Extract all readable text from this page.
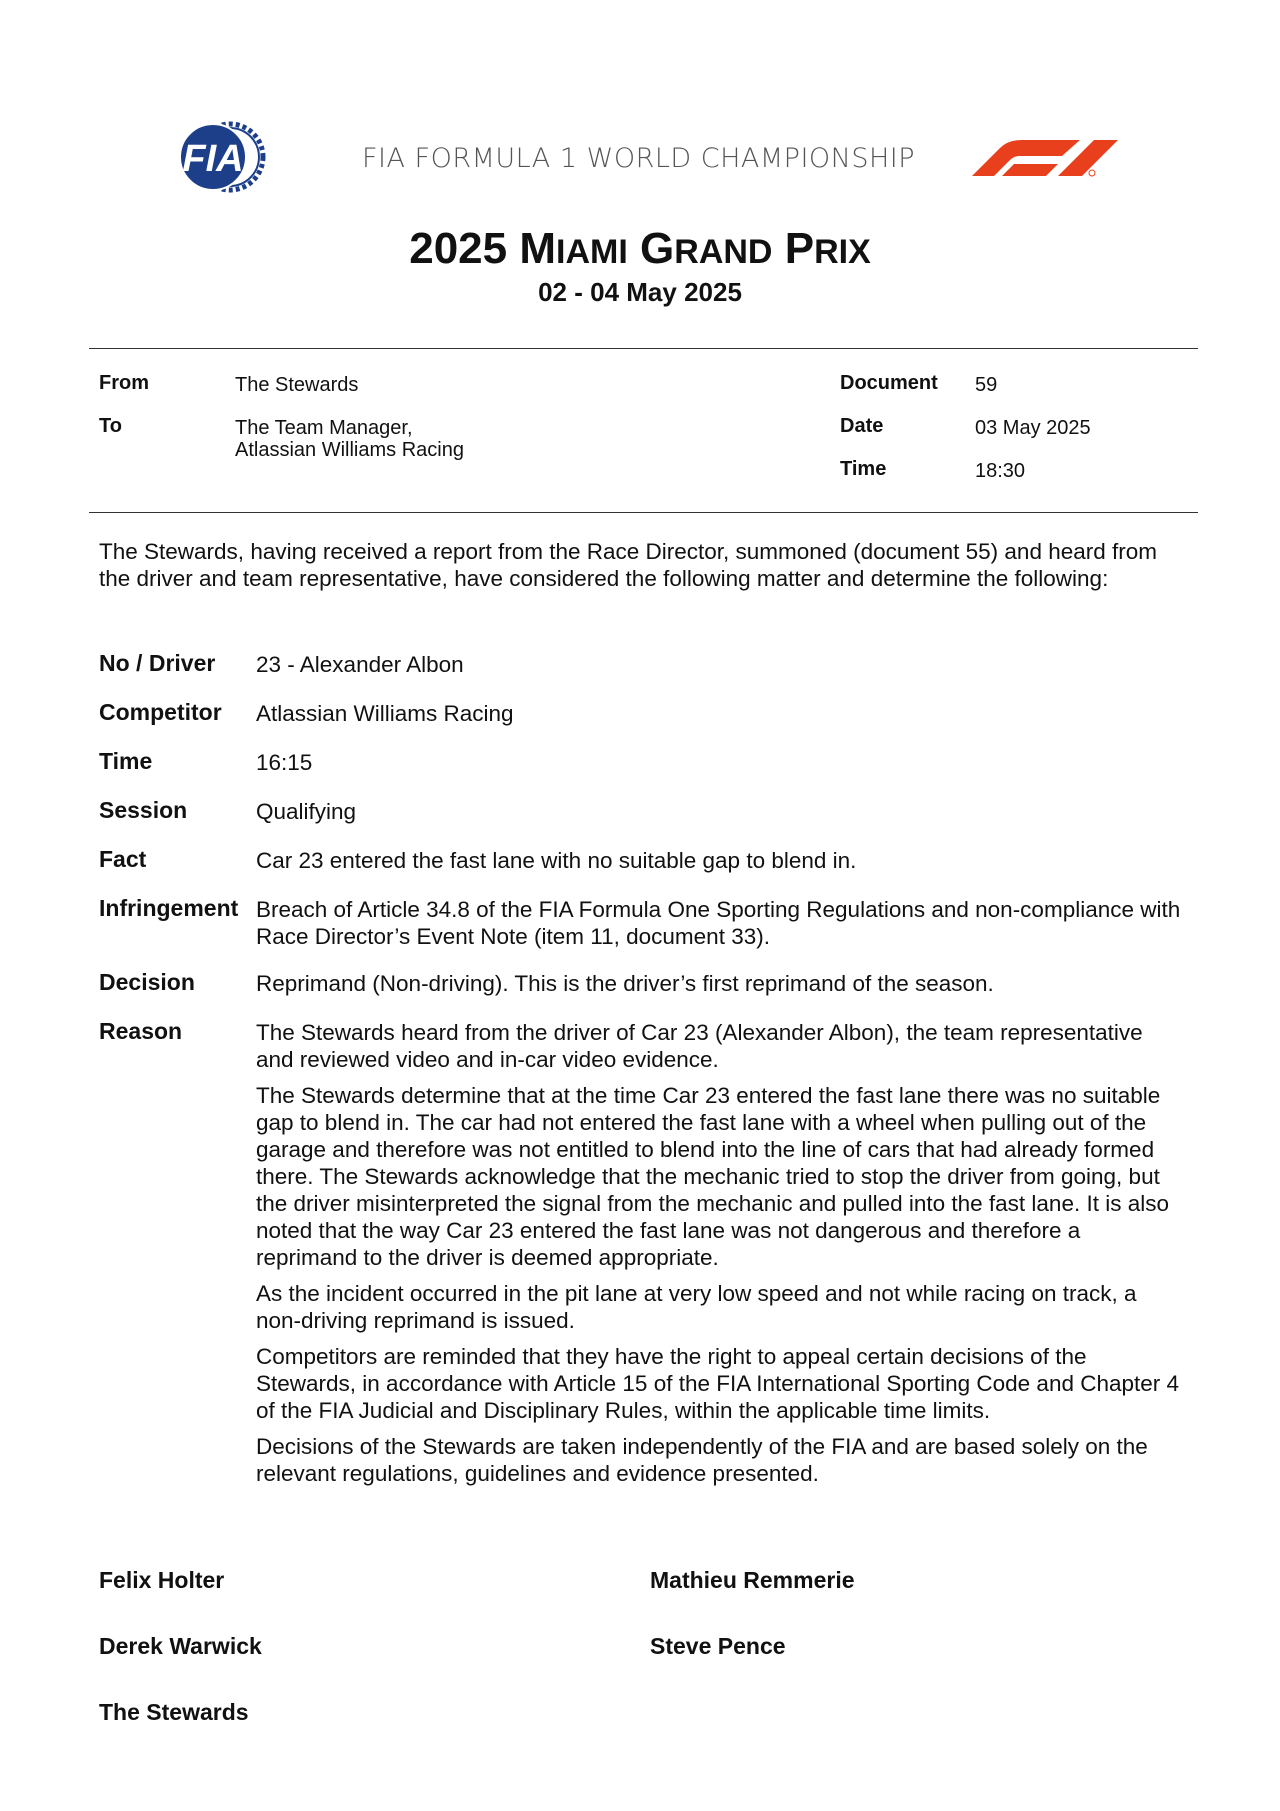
FIA	FIA FORMULA 1 WORLD CHAMPIONSHIP
2025 MIAMI GRAND PRIX
02 - 04 May 2025
From	The Stewards
To	The Team Manager,
Atlassian Williams Racing
Document 59
Date	03 May 2025
Time	18:30
The Stewards, having received a report from the Race Director, summoned (document 55) and heard from the driver and team representative, have considered the following matter and determine the following:
No / Driver 23 - Alexander Albon
Competitor Atlassian Williams Racing
Time	16:15
Session	Qualifying
Fact	Car 23 entered the fast lane with no suitable gap to blend in.
Infringement Breach of Article 34.8 of the FIA Formula One Sporting Regulations and non-compliance with Race Director’s Event Note (item 11, document 33).
Decision	Reprimand (Non-driving). This is the driver’s first reprimand of the season.
Reason	The Stewards heard from the driver of Car 23 (Alexander Albon), the team representative and reviewed video and in-car video evidence.

The Stewards determine that at the time Car 23 entered the fast lane there was no suitable gap to blend in. The car had not entered the fast lane with a wheel when pulling out of the garage and therefore was not entitled to blend into the line of cars that had already formed there. The Stewards acknowledge that the mechanic tried to stop the driver from going, but the driver misinterpreted the signal from the mechanic and pulled into the fast lane. It is also noted that the way Car 23 entered the fast lane was not dangerous and therefore a reprimand to the driver is deemed appropriate.

As the incident occurred in the pit lane at very low speed and not while racing on track, a non-driving reprimand is issued.

Competitors are reminded that they have the right to appeal certain decisions of the Stewards, in accordance with Article 15 of the FIA International Sporting Code and Chapter 4 of the FIA Judicial and Disciplinary Rules, within the applicable time limits.

Decisions of the Stewards are taken independently of the FIA and are based solely on the relevant regulations, guidelines and evidence presented.

Felix Holter	Mathieu Remmerie
Derek Warwick	Steve Pence
The Stewards
